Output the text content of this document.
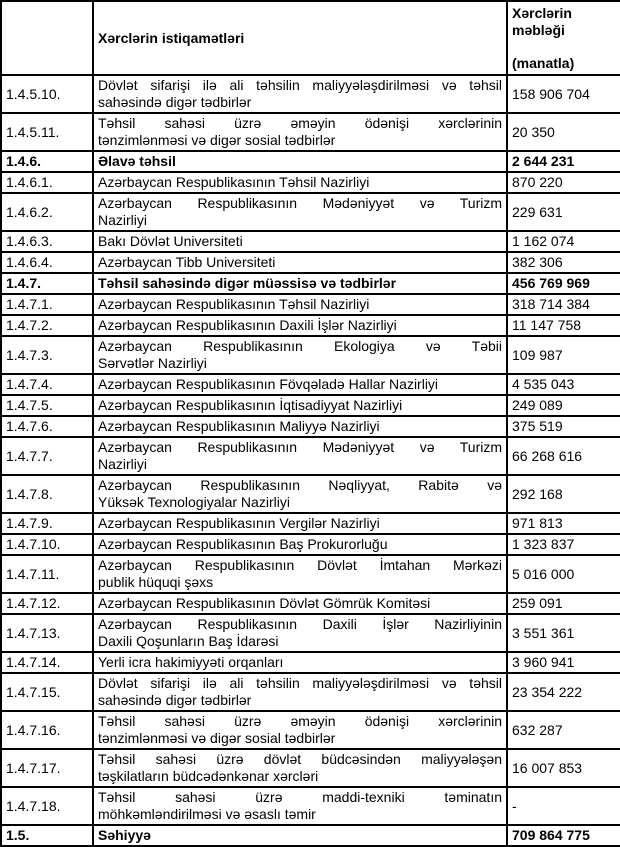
	Xərclərin istiqamətləri	Xərclərin məbləği
(manatla)

1.4.5.10.	Dövlət sifarişi ilə ali təhsilin maliyyələşdirilməsi və təhsil
sahəsində digər tədbirlər	158 906 704
1.4.5.11.	Təhsil sahəsi üzrə əməyin ödənişi xərclərinin
tənzimlənməsi və digər sosial tədbirlər	20 350
1.4.6.	Əlavə təhsil	2 644 231
1.4.6.1.	Azərbaycan Respublikasının Təhsil Nazirliyi	870 220
1.4.6.2.	Azərbaycan Respublikasının Mədəniyyət və Turizm
Nazirliyi	229 631
1.4.6.3.	Bakı Dövlət Universiteti	1 162 074
1.4.6.4.	Azərbaycan Tibb Universiteti	382 306
1.4.7.	Təhsil sahəsində digər müəssisə və tədbirlər	456 769 969
1.4.7.1.	Azərbaycan Respublikasının Təhsil Nazirliyi	318 714 384
1.4.7.2.	Azərbaycan Respublikasının Daxili İşlər Nazirliyi	11 147 758
1.4.7.3.	Azərbaycan Respublikasının Ekologiya və Təbii
Sərvətlər Nazirliyi	109 987
1.4.7.4.	Azərbaycan Respublikasının Fövqəladə Hallar Nazirliyi	4 535 043
1.4.7.5.	Azərbaycan Respublikasının İqtisadiyyat Nazirliyi	249 089
1.4.7.6.	Azərbaycan Respublikasının Maliyyə Nazirliyi	375 519
1.4.7.7.	Azərbaycan Respublikasının Mədəniyyət və Turizm
Nazirliyi	66 268 616
1.4.7.8.	Azərbaycan Respublikasının Nəqliyyat, Rabitə və
Yüksək Texnologiyalar Nazirliyi	292 168
1.4.7.9.	Azərbaycan Respublikasının Vergilər Nazirliyi	971 813
1.4.7.10.	Azərbaycan Respublikasının Baş Prokurorluğu	1 323 837
1.4.7.11.	Azərbaycan Respublikasının Dövlət İmtahan Mərkəzi
publik hüquqi şəxs	5 016 000
1.4.7.12.	Azərbaycan Respublikasının Dövlət Gömrük Komitəsi	259 091
1.4.7.13.	Azərbaycan Respublikasının Daxili İşlər Nazirliyinin
Daxili Qoşunların Baş İdarəsi	3 551 361
1.4.7.14.	Yerli icra hakimiyyəti orqanları	3 960 941
1.4.7.15.	Dövlət sifarişi ilə ali təhsilin maliyyələşdirilməsi və təhsil
sahəsində digər tədbirlər	23 354 222
1.4.7.16.	Təhsil sahəsi üzrə əməyin ödənişi xərclərinin
tənzimlənməsi və digər sosial tədbirlər	632 287
1.4.7.17.	Təhsil sahəsi üzrə dövlət büdcəsindən maliyyələşən
təşkilatların büdcədənkənar xərcləri	16 007 853
1.4.7.18.	Təhsil sahəsi üzrə maddi-texniki təminatın
möhkəmləndirilməsi və əsaslı təmir	-
1.5.	Səhiyyə	709 864 775
